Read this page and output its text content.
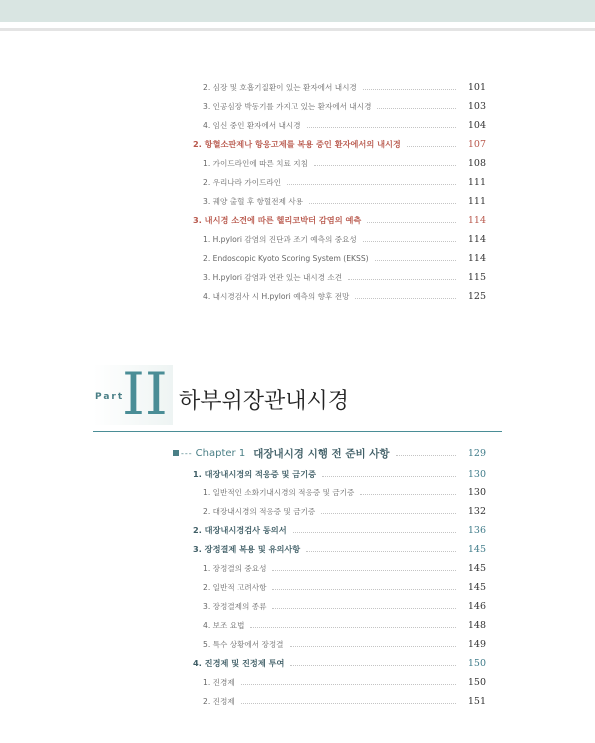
2. 심장 및 호흡기질환이 있는 환자에서 내시경	101
3. 인공심장 박동기를 가지고 있는 환자에서 내시경	103
4. 임신 중인 환자에서 내시경	104
2. 항혈소판제나 항응고제를 복용 중인 환자에서의 내시경	107
1. 가이드라인에 따른 치료 지침	108
2. 우리나라 가이드라인	111
3. 궤양 출혈 후 항혈전제 사용	111
3. 내시경 소견에 따른 헬리코박터 감염의 예측	114
1. H.pylori 감염의 진단과 조기 예측의 중요성	114
2. Endoscopic Kyoto Scoring System (EKSS)	114
3. H.pylori 감염과 연관 있는 내시경 소견	115
4. 내시경검사 시 H.pylori 예측의 향후 전망	125
Part
II 하부위장관내시경
--- Chapter 1 대장내시경 시행 전 준비 사항	129
1. 대장내시경의 적응증 및 금기증	130
1. 일반적인 소화기내시경의 적응증 및 금기증	130
2. 대장내시경의 적응증 및 금기증	132
2. 대장내시경검사 동의서	136
3. 장정결제 복용 및 유의사항	145
1. 장정결의 중요성	145
2. 일반적 고려사항	145
3. 장정결제의 종류	146
4. 보조 요법	148
5. 특수 상황에서 장정결	149
4. 진경제 및 진정제 투여	150
1. 진경제	150
2. 진정제	151
